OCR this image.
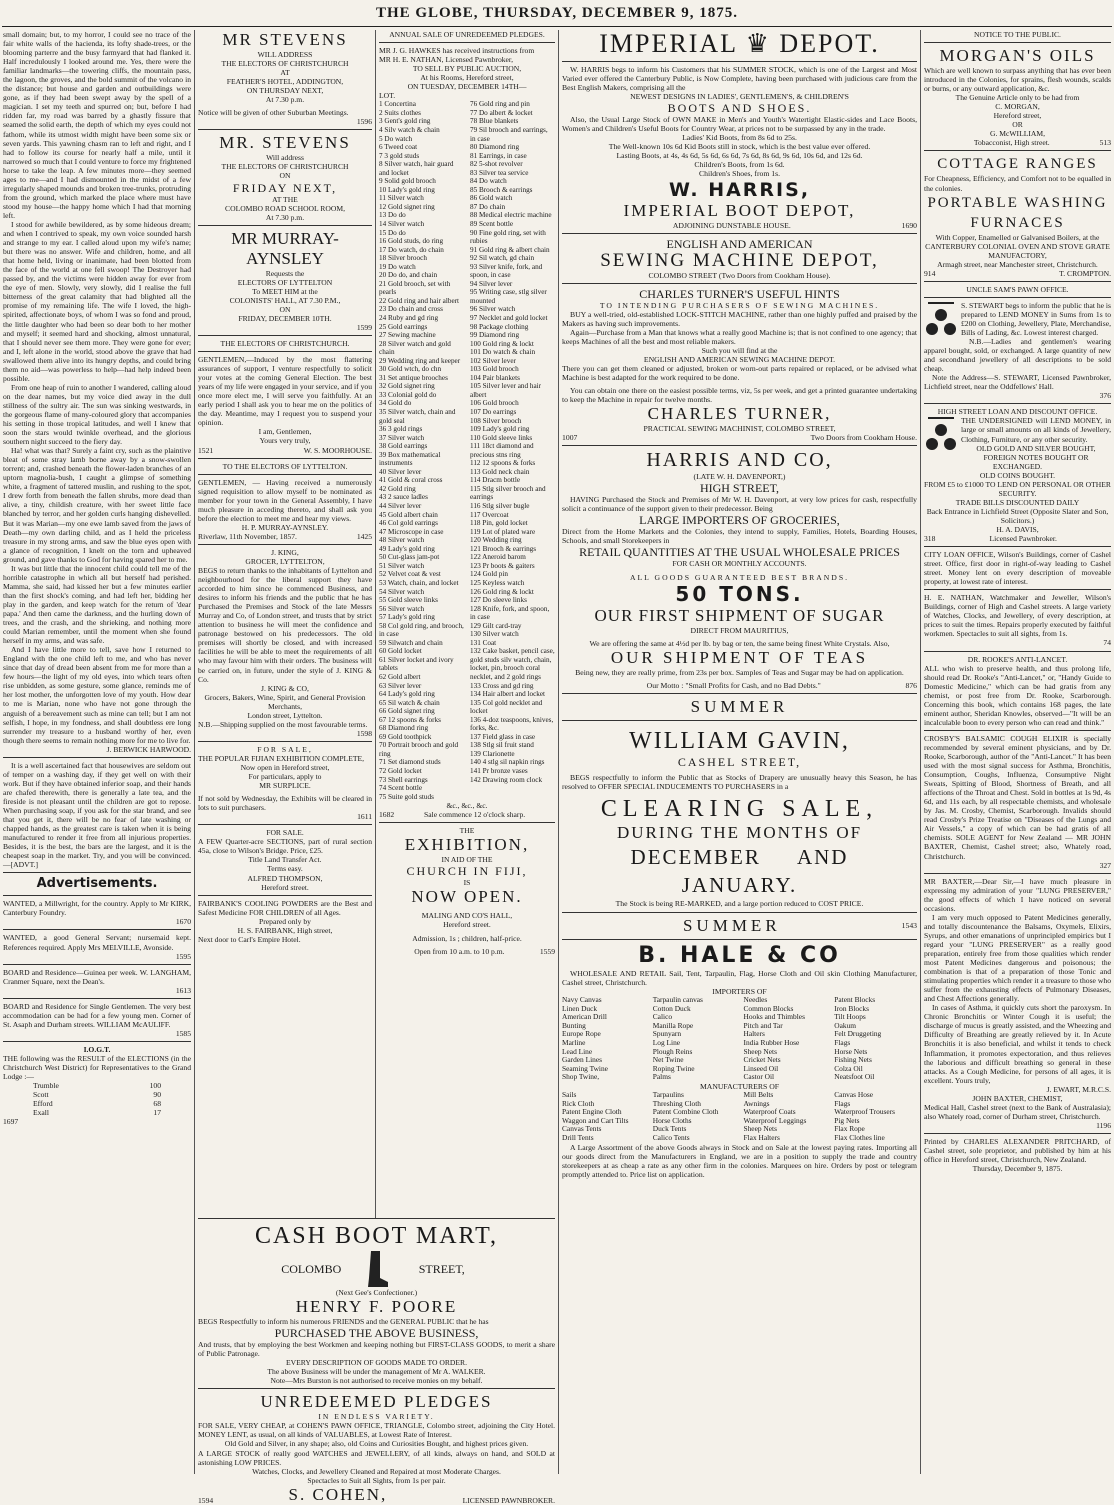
THE GLOBE, THURSDAY, DECEMBER 9, 1875.

small domain; but, to my horror, I could see no trace of the fair white walls of the hacienda, its lofty shade-trees, or the blooming parterre and the busy farmyard that had flanked it. Half incredulously I looked around me. Yes, there were the familiar landmarks—the towering cliffs, the mountain pass, the lagoon, the groves, and the bold summit of the volcano in the distance; but house and garden and outbuildings were gone, as if they had been swept away by the spell of a magician. I set my teeth and spurred on; but, before I had ridden far, my road was barred by a ghastly fissure that seamed the solid earth, the depth of which my eyes could not fathom, while its utmost width might have been some six or seven yards. This yawning chasm ran to left and right, and I had to follow its course for nearly half a mile, until it narrowed so much that I could venture to force my frightened horse to take the leap. A few minutes more—they seemed ages to me—and I had dismounted in the midst of a few irregularly shaped mounds and broken tree-trunks, protruding from the ground, which marked the place where must have stood my house—the happy home which I had that morning left.

I stood for awhile bewildered, as by some hideous dream; and when I contrived to speak, my own voice sounded harsh and strange to my ear. I called aloud upon my wife's name; but there was no answer. Wife and children, home, and all that home held, living or inanimate, had been blotted from the face of the world at one fell swoop! The Destroyer had passed by, and the victims were hidden away for ever from the eye of men. Slowly, very slowly, did I realise the full bitterness of the great calamity that had blighted all the promise of my remaining life. The wife I loved, the high-spirited, affectionate boys, of whom I was so fond and proud, the little daughter who had been so dear both to her mother and myself; it seemed hard and shocking, almost unnatural, that I should never see them more. They were gone for ever; and I, left alone in the world, stood above the grave that had swallowed them alive into its hungry depths, and could bring them no aid—was powerless to help—had help indeed been possible.

From one heap of ruin to another I wandered, calling aloud on the dear names, but my voice died away in the dull stillness of the sultry air. The sun was sinking westwards, in the gorgeous flame of many-coloured glory that accompanies his setting in those tropical latitudes, and well I knew that soon the stars would twinkle overhead, and the glorious southern night succeed to the fiery day.

Ha! what was that? Surely a faint cry, such as the plaintive bleat of some stray lamb borne away by a snow-swollen torrent; and, crashed beneath the flower-laden branches of an uptorn magnolia-bush, I caught a glimpse of something white, a fragment of tattered muslin, and rushing to the spot, I drew forth from beneath the fallen shrubs, more dead than alive, a tiny, childish creature, with her sweet little face blanched by terror, and her golden curls hanging dishevelled. But it was Marian—my one ewe lamb saved from the jaws of Death—my own darling child, and as I held the priceless treasure in my strong arms, and saw the blue eyes open with a glance of recognition, I knelt on the torn and upheaved ground, and gave thanks to God for having spared her to me.

It was but little that the innocent child could tell me of the horrible catastrophe in which all but herself had perished. Mamma, she said, had kissed her but a few minutes earlier than the first shock's coming, and had left her, bidding her play in the garden, and keep watch for the return of 'dear papa.' And then came the darkness, and the hurling down of trees, and the crash, and the shrieking, and nothing more could Marian remember, until the moment when she found herself in my arms, and was safe.

And I have little more to tell, save how I returned to England with the one child left to me, and who has never since that day of dread been absent from me for more than a few hours—the light of my old eyes, into which tears often rise unbidden, as some gesture, some glance, reminds me of her lost mother, the unforgotten love of my youth. How dear to me is Marian, none who have not gone through the anguish of a bereavement such as mine can tell; but I am not selfish, I hope, in my fondness, and shall doubtless ere long surrender my treasure to a husband worthy of her, even though there seems to remain nothing more for me to live for.

J. BERWICK HARWOOD.

It is a well ascertained fact that housewives are seldom out of temper on a washing day, if they get well on with their work. But if they have obtained inferior soap, and their hands are chafed therewith, there is generally a late tea, and the fireside is not pleasant until the children are got to repose. When purchasing soap, if you ask for the star brand, and see that you get it, there will be no fear of late washing or chapped hands, as the greatest care is taken when it is being manufactured to render it free from all injurious properties. Besides, it is the best, the bars are the largest, and it is the cheapest soap in the market. Try, and you will be convinced.—[ADVT.]

Advertisements.

WANTED, a Millwright, for the country. Apply to Mr KIRK, Canterbury Foundry.

1670

WANTED, a good General Servant; nursemaid kept. References required. Apply Mrs MELVILLE, Avonside.

1595

BOARD and Residence—Guinea per week. W. LANGHAM, Cranmer Square, next the Dean's.

1613

BOARD and Residence for Single Gentlemen. The very best accommodation can be had for a few young men. Corner of St. Asaph and Durham streets. WILLIAM McAULIFF.

1585

I.O.G.T.

THE following was the RESULT of the ELECTIONS (in the Christchurch West District) for Representatives to the Grand Lodge :—

Trumble	100
Scott	90
Efford	68
Exall	17
1697
MR STEVENS
WILL ADDRESS
THE ELECTORS OF CHRISTCHURCH
AT
FEATHER'S HOTEL, ADDINGTON,
ON THURSDAY NEXT,
At 7.30 p.m.

Notice will be given of other Suburban Meetings.

1596
MR. STEVENS
Will address
THE ELECTORS OF CHRISTCHURCH
ON
FRIDAY NEXT,
AT THE
COLOMBO ROAD SCHOOL ROOM,
At 7.30 p.m.
MR MURRAY-AYNSLEY
Requests the
ELECTORS OF LYTTELTON
To MEET HIM at the
COLONISTS' HALL, AT 7.30 P.M.,
ON
FRIDAY, DECEMBER 10TH.
1599
THE ELECTORS OF CHRISTCHURCH.

GENTLEMEN,—Induced by the most flattering assurances of support, I venture respectfully to solicit your votes at the coming General Election. The best years of my life were engaged in your service, and if you once more elect me, I will serve you faithfully. At an early period I shall ask you to hear me on the politics of the day. Meantime, may I request you to suspend your opinion.

I am, Gentlemen,
Yours very truly,
1521	W. S. MOORHOUSE.
TO THE ELECTORS OF LYTTELTON.

GENTLEMEN, — Having received a numerously signed requisition to allow myself to be nominated as member for your town in the General Assembly, I have much pleasure in acceding thereto, and shall ask you before the election to meet me and hear my views.

H. P. MURRAY-AYNSLEY.
Riverlaw, 11th November, 1857.	1425
J. KING,
GROCER, LYTTELTON,

BEGS to return thanks to the inhabitants of Lyttelton and neighbourhood for the liberal support they have accorded to him since he commenced Business, and desires to inform his friends and the public that he has Purchased the Premises and Stock of the late Messrs Murray and Co, of London street, and trusts that by strict attention to business he will meet the confidence and patronage bestowed on his predecessors. The old premises will shortly be closed, and with increased facilities he will be able to meet the requirements of all who may favour him with their orders. The business will be carried on, in future, under the style of J. KING & Co.

J. KING & CO,
Grocers, Bakers, Wine, Spirit, and General Provision Merchants,
London street, Lyttelton.

N.B.—Shipping supplied on the most favourable terms.

1598
FOR SALE,

THE POPULAR FIJIAN EXHIBITION COMPLETE,

Now open in Hereford street,
For particulars, apply to
MR SURPLICE.

If not sold by Wednesday, the Exhibits will be cleared in lots to suit purchasers.

1611
FOR SALE.

A FEW Quarter-acre SECTIONS, part of rural section 45a, close to Wilson's Bridge. Price, £25.

Title Land Transfer Act.
Terms easy.
ALFRED THOMPSON,
Hereford street.

FAIRBANK'S COOLING POWDERS are the Best and Safest Medicine FOR CHILDREN of all Ages.

Prepared only by
H. S. FAIRBANK, High street,
Next door to Carl's Empire Hotel.
ANNUAL SALE OF UNREDEEMED PLEDGES.

MR J. G. HAWKES has received instructions from

MR H. E. NATHAN, Licensed Pawnbroker,
TO SELL BY PUBLIC AUCTION,
At his Rooms, Hereford street,
ON TUESDAY, DECEMBER 14TH—
LOT.
1 Concertina
2 Suits clothes
3 Gent's gold ring
4 Silv watch & chain
5 Do watch
6 Tweed coat
7 3 gold studs
8 Silver watch, hair guard and locket
9 Solid gold brooch
10 Lady's gold ring
11 Silver watch
12 Gold signet ring
13 Do do
14 Silver watch
15 Do do
16 Gold studs, do ring
17 Do watch, do chain
18 Silver brooch
19 Do watch
20 Do do, and chain
21 Gold brooch, set with pearls
22 Gold ring and hair albert
23 Do chain and cross
24 Ruby and gd ring
25 Gold earrings
27 Sewing machine
28 Silver watch and gold chain
29 Wedding ring and keeper
30 Gold wtch, do chn
31 Set antique brooches
32 Gold signet ring
33 Colonial gold do
34 Gold do
35 Silver watch, chain and gold seal
36 3 gold rings
37 Silver watch
38 Gold earrings
39 Box mathematical instruments
40 Silver lever
41 Gold & coral cross
42 Gold ring
43 2 sauce ladles
44 Silver lever
45 Gold albert chain
46 Col gold earrings
47 Microscope in case
48 Silver watch
49 Lady's gold ring
50 Cut-glass jam-pot
51 Silver watch
52 Velvet coat & vest
53 Watch, chain, and locket
54 Silver watch
55 Gold sleeve links
56 Silver watch
57 Lady's gold ring
58 Col gold ring, and brooch, in case
59 Silwatch and chain
60 Gold locket
61 Silver locket and ivory tablets
62 Gold albert
63 Silver lever
64 Lady's gold ring
65 Sil watch & chain
66 Gold signet ring
67 12 spoons & forks
68 Diamond ring
69 Gold toothpick
70 Portrait brooch and gold ring
71 Set diamond studs
72 Gold locket
73 Shell earrings
74 Scent bottle
75 Suite gold studs
76 Gold ring and pin
77 Do albert & locket
78 Blue blankets
79 Sil brooch and earrings, in case
80 Diamond ring
81 Earrings, in case
82 5-shot revolver
83 Silver tea service
84 Do watch
85 Brooch & earrings
86 Gold watch
87 Do chain
88 Medical electric machine
89 Scent bottle
90 Fine gold ring, set with rubies
91 Gold ring & albert chain
92 Sil watch, gd chain
93 Silver knife, fork, and spoon, in case
94 Silver lever
95 Writing case, stlg silver mounted
96 Silver watch
97 Necklet and gold locket
98 Package clothing
99 Diamond ring
100 Gold ring & lockt
101 Do watch & chain
102 Silver lever
103 Gold brooch
104 Pair blankets
105 Silver lever and hair albert
106 Gold brooch
107 Do earrings
108 Silver brooch
109 Lady's gold ring
110 Gold sleeve links
111 18ct diamond and precious stns ring
112 12 spoons & forks
113 Gold neck chain
114 Dracm bottle
115 Stlg silver brooch and earrings
116 Stlg silver bugle
117 Overcoat
118 Pin, gold locket
119 Lot of plated ware
120 Wedding ring
121 Brooch & earrings
122 Aneroid barom
123 Pr boots & gaiters
124 Gold pin
125 Keyless watch
126 Gold ring & lockt
127 Do sleeve links
128 Knife, fork, and spoon, in case
129 Gilt card-tray
130 Silver watch
131 Coat
132 Cake basket, pencil case, gold studs silv watch, chain, locket, pin, brooch coral necklet, and 2 gold rings
133 Cross and gd ring
134 Hair albert and locket
135 Col gold necklet and locket
136 4-doz teaspoons, knives, forks, &c.
137 Field glass in case
138 Stlg sil fruit stand
139 Clarionette
140 4 stlg sil napkin rings
141 Pr bronze vases
142 Drawing room clock
&c., &c., &c.
1682	Sale commence 12 o'clock sharp.
THE
EXHIBITION,
IN AID OF THE
CHURCH IN FIJI,
IS
NOW OPEN.
MALING AND CO'S HALL,
Hereford street.
Admission, 1s ; children, half-price.
Open from 10 a.m. to 10 p.m.	1559
CASH BOOT MART,
COLOMBO	STREET,
(Next Gee's Confectioner.)
HENRY F. POORE

BEGS Respectfully to inform his numerous FRIENDS and the GENERAL PUBLIC that he has

PURCHASED THE ABOVE BUSINESS,

And trusts, that by employing the best Workmen and keeping nothing but FIRST-CLASS GOODS, to merit a share of Public Patronage.

EVERY DESCRIPTION OF GOODS MADE TO ORDER.
The above Business will be under the management of Mr A. WALKER.
Note—Mrs Burston is not authorised to receive monies on my behalf.
UNREDEEMED PLEDGES
IN ENDLESS VARIETY.

FOR SALE, VERY CHEAP, at COHEN'S PAWN OFFICE, TRIANGLE, Colombo street, adjoining the City Hotel. MONEY LENT, as usual, on all kinds of VALUABLES, at Lowest Rate of Interest.

Old Gold and Silver, in any shape; also, old Coins and Curiosities Bought, and highest prices given.

A LARGE STOCK of really good WATCHES and JEWELLERY, of all kinds, always on hand, and SOLD at astonishing LOW PRICES.

Watches, Clocks, and Jewellery Cleaned and Repaired at most Moderate Charges.
Spectacles to Suit all Sights, from 1s per pair.
1594	S. COHEN,	LICENSED PAWNBROKER.
IMPERIAL ♛ DEPOT.

W. HARRIS begs to inform his Customers that his SUMMER STOCK, which is one of the Largest and Most Varied ever offered the Canterbury Public, is Now Complete, having been purchased with judicious care from the Best English Makers, comprising all the

NEWEST DESIGNS IN LADIES', GENTLEMEN'S, & CHILDREN'S
BOOTS AND SHOES.

Also, the Usual Large Stock of OWN MAKE in Men's and Youth's Watertight Elastic-sides and Lace Boots, Women's and Children's Useful Boots for Country Wear, at prices not to be surpassed by any in the trade.

Ladies' Kid Boots, from 8s 6d to 25s.
The Well-known 10s 6d Kid Boots still in stock, which is the best value ever offered.
Lasting Boots, at 4s, 4s 6d, 5s 6d, 6s 6d, 7s 6d, 8s 6d, 9s 6d, 10s 6d, and 12s 6d.
Children's Boots, from 1s 6d.
Children's Shoes, from 1s.
W. HARRIS,
IMPERIAL BOOT DEPOT,
ADJOINING DUNSTABLE HOUSE.	1690
ENGLISH AND AMERICAN
SEWING MACHINE DEPOT,
COLOMBO STREET (Two Doors from Cookham House).
CHARLES TURNER'S USEFUL HINTS
TO INTENDING PURCHASERS OF SEWING MACHINES.

BUY a well-tried, old-established LOCK-STITCH MACHINE, rather than one highly puffed and praised by the Makers as having such improvements.

Again—Purchase from a Man that knows what a really good Machine is; that is not confined to one agency; that keeps Machines of all the best and most reliable makers.

Such you will find at the
ENGLISH AND AMERICAN SEWING MACHINE DEPOT.

There you can get them cleaned or adjusted, broken or worn-out parts repaired or replaced, or be advised what Machine is best adapted for the work required to be done.

You can obtain one there on the easiest possible terms, viz, 5s per week, and get a printed guarantee undertaking to keep the Machine in repair for twelve months.

CHARLES TURNER,
PRACTICAL SEWING MACHINIST, COLOMBO STREET,
1007	Two Doors from Cookham House.
HARRIS AND CO,
(LATE W. H. DAVENPORT,)
HIGH STREET,

HAVING Purchased the Stock and Premises of Mr W. H. Davenport, at very low prices for cash, respectfully solicit a continuance of the support given to their predecessor. Being

LARGE IMPORTERS OF GROCERIES,

Direct from the Home Markets and the Colonies, they intend to supply, Families, Hotels, Boarding Houses, Schools, and small Storekeepers in

RETAIL QUANTITIES AT THE USUAL WHOLESALE PRICES
FOR CASH OR MONTHLY ACCOUNTS.
ALL GOODS GUARANTEED BEST BRANDS.
50 TONS.
OUR FIRST SHIPMENT OF SUGAR
DIRECT FROM MAURITIUS,

We are offering the same at 4½d per lb. by bag or ten, the same being finest White Crystals. Also,

OUR SHIPMENT OF TEAS

Being new, they are really prime, from 23s per box. Samples of Teas and Sugar may be had on application.

Our Motto : "Small Profits for Cash, and no Bad Debts."	876
SUMMER
WILLIAM GAVIN,
CASHEL STREET,

BEGS respectfully to inform the Public that as Stocks of Drapery are unusually heavy this Season, he has resolved to OFFER SPECIAL INDUCEMENTS TO PURCHASERS in a

CLEARING SALE,
DURING THE MONTHS OF
DECEMBER AND JANUARY.
The Stock is being RE-MARKED, and a large portion reduced to COST PRICE.
SUMMER	1543
B. HALE & CO

WHOLESALE AND RETAIL Sail, Tent, Tarpaulin, Flag, Horse Cloth and Oil skin Clothing Manufacturer, Cashel street, Christchurch.

IMPORTERS OF
Navy Canvas
Linen Duck
American Drill
Bunting
Europe Rope
Marline
Lead Line
Garden Lines
Seaming Twine
Shop Twine,
Tarpaulin canvas
Cotton Duck
Calico
Manilla Rope
Spunyarn
Log Line
Plough Reins
Net Twine
Roping Twine
Palms
Needles
Common Blocks
Hooks and Thimbles
Pitch and Tar
Halters
India Rubber Hose
Sheep Nets
Cricket Nets
Linseed Oil
Castor Oil
Patent Blocks
Iron Blocks
Tilt Hoops
Oakum
Felt Druggeting
Flags
Horse Nets
Fishing Nets
Colza Oil
Neatsfoot Oil
MANUFACTURERS OF
Sails
Rick Cloth
Patent Engine Cloth
Waggon and Cart Tilts
Canvas Tents
Drill Tents
Tarpaulins
Threshing Cloth
Patent Combine Cloth
Horse Cloths
Duck Tents
Calico Tents
Mill Belts
Awnings
Waterproof Coats
Waterproof Leggings
Sheep Nets
Flax Halters
Canvas Hose
Flags
Waterproof Trousers
Pig Nets
Flax Rope
Flax Clothes line

A Large Assortment of the above Goods always in Stock and on Sale at the lowest paying rates. Importing all our goods direct from the Manufacturers in England, we are in a position to supply the trade and country storekeepers at as cheap a rate as any other firm in the colonies. Marquees on hire. Orders by post or telegram promptly attended to. Price list on application.

NOTICE TO THE PUBLIC.
MORGAN'S OILS

Which are well known to surpass anything that has ever been introduced in the Colonies, for sprains, flesh wounds, scalds or burns, or any outward application, &c.

The Genuine Article only to be had from
C. MORGAN,
Hereford street,
OR
G. McWILLIAM,
Tobacconist, High street.	513
COTTAGE RANGES

For Cheapness, Efficiency, and Comfort not to be equalled in the colonies.

PORTABLE WASHING
FURNACES
With Copper, Enamelled or Galvanised Boilers, at the
CANTERBURY COLONIAL OVEN AND STOVE GRATE MANUFACTORY,
Armagh street, near Manchester street, Christchurch.
914	T. CROMPTON.
UNCLE SAM'S PAWN OFFICE.

S. STEWART begs to inform the public that he is prepared to LEND MONEY in Sums from 1s to £200 on Clothing, Jewellery, Plate, Merchandise, Bills of Lading, &c. Lowest interest charged.

N.B.—Ladies and gentlemen's wearing apparel bought, sold, or exchanged. A large quantity of new and secondhand jewellery of all descriptions to be sold cheap.

Note the Address—S. STEWART, Licensed Pawnbroker, Lichfield street, near the Oddfellows' Hall.

376
HIGH STREET LOAN AND DISCOUNT OFFICE.

THE UNDERSIGNED will LEND MONEY, in large or small amounts on all kinds of Jewellery, Clothing, Furniture, or any other security.

OLD GOLD AND SILVER BOUGHT, FOREIGN NOTES BOUGHT OR EXCHANGED.
OLD COINS BOUGHT.
FROM £5 to £1000 TO LEND ON PERSONAL OR OTHER SECURITY.
TRADE BILLS DISCOUNTED DAILY
Back Entrance in Lichfield Street (Opposite Slater and Son, Solicitors.)
H. A. DAVIS,
318	Licensed Pawnbroker.

CITY LOAN OFFICE, Wilson's Buildings, corner of Cashel street. Office, first door in right-of-way leading to Cashel street. Money lent on every description of moveable property, at lowest rate of interest.

H. E. NATHAN, Watchmaker and Jeweller, Wilson's Buildings, corner of High and Cashel streets. A large variety of Watches, Clocks, and Jewellery, of every description, at prices to suit the times. Repairs properly executed by faithful workmen. Spectacles to suit all sights, from 1s.

74
DR. ROOKE'S ANTI-LANCET.

ALL who wish to preserve health, and thus prolong life, should read Dr. Rooke's "Anti-Lancet," or, "Handy Guide to Domestic Medicine," which can be had gratis from any chemist, or post free from Dr. Rooke, Scarborough. Concerning this book, which contains 168 pages, the late eminent author, Sheridan Knowles, observed—"It will be an incalculable boon to every person who can read and think."

CROSBY'S BALSAMIC COUGH ELIXIR is specially recommended by several eminent physicians, and by Dr. Rooke, Scarborough, author of the "Anti-Lancet." It has been used with the most signal success for Asthma, Bronchitis, Consumption, Coughs, Influenza, Consumptive Night Sweats, Spitting of Blood, Shortness of Breath, and all affections of the Throat and Chest. Sold in bottles at 1s 9d, 4s 6d, and 11s each, by all respectable chemists, and wholesale by Jas. M. Crosby, Chemist, Scarborough. Invalids should read Crosby's Prize Treatise on "Diseases of the Lungs and Air Vessels," a copy of which can be had gratis of all chemists. SOLE AGENT for New Zealand — MR JOHN BAXTER, Chemist, Cashel street; also, Whately road, Christchurch.

327

MR BAXTER,—Dear Sir,—I have much pleasure in expressing my admiration of your "LUNG PRESERVER," the good effects of which I have noticed on several occasions.

I am very much opposed to Patent Medicines generally, and totally discountenance the Balsams, Oxymels, Elixirs, Syrups, and other emanations of unprincipled empirics but I regard your "LUNG PRESERVER" as a really good preparation, entirely free from those qualities which render most Patent Medicines dangerous and poisonous; the combination is that of a preparation of those Tonic and stimulating properties which render it a treasure to those who suffer from the exhausting effects of Pulmonary Diseases, and Chest Affections generally.

In cases of Asthma, it quickly cuts short the paroxysm. In Chronic Bronchitis or Winter Cough it is useful; the discharge of mucus is greatly assisted, and the Wheezing and Difficulty of Breathing are greatly relieved by it. In Acute Bronchitis it is also beneficial, and whilst it tends to check Inflammation, it promotes expectoration, and thus relieves the laborious and difficult breathing so general in these attacks. As a Cough Medicine, for persons of all ages, it is excellent. Yours truly,

J. EWART, M.R.C.S.
JOHN BAXTER, CHEMIST,

Medical Hall, Cashel street (next to the Bank of Australasia); also Whately road, corner of Durham street, Christchurch.

1196

Printed by CHARLES ALEXANDER PRITCHARD, of Cashel street, sole proprietor, and published by him at his office in Hereford street, Christchurch, New Zealand.

Thursday, December 9, 1875.
